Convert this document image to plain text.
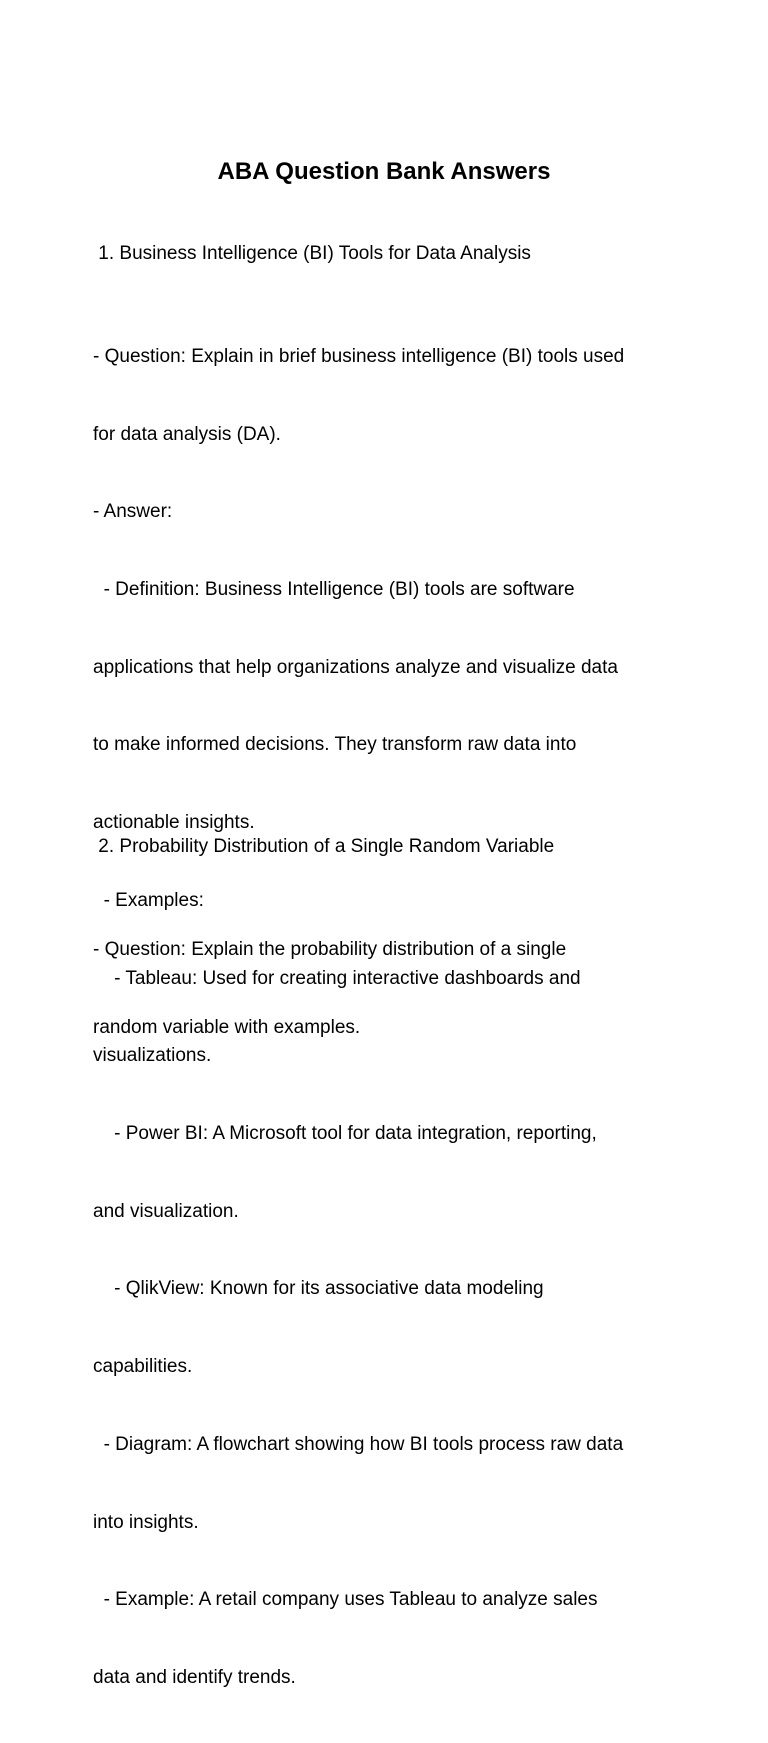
ABA Question Bank Answers
1. Business Intelligence (BI) Tools for Data Analysis

- Question: Explain in brief business intelligence (BI) tools used

for data analysis (DA).

- Answer:

- Definition: Business Intelligence (BI) tools are software

applications that help organizations analyze and visualize data

to make informed decisions. They transform raw data into

actionable insights.

- Examples:

- Tableau: Used for creating interactive dashboards and

visualizations.

- Power BI: A Microsoft tool for data integration, reporting,

and visualization.

- QlikView: Known for its associative data modeling

capabilities.

- Diagram: A flowchart showing how BI tools process raw data

into insights.

- Example: A retail company uses Tableau to analyze sales

data and identify trends.

2. Probability Distribution of a Single Random Variable

- Question: Explain the probability distribution of a single

random variable with examples.
